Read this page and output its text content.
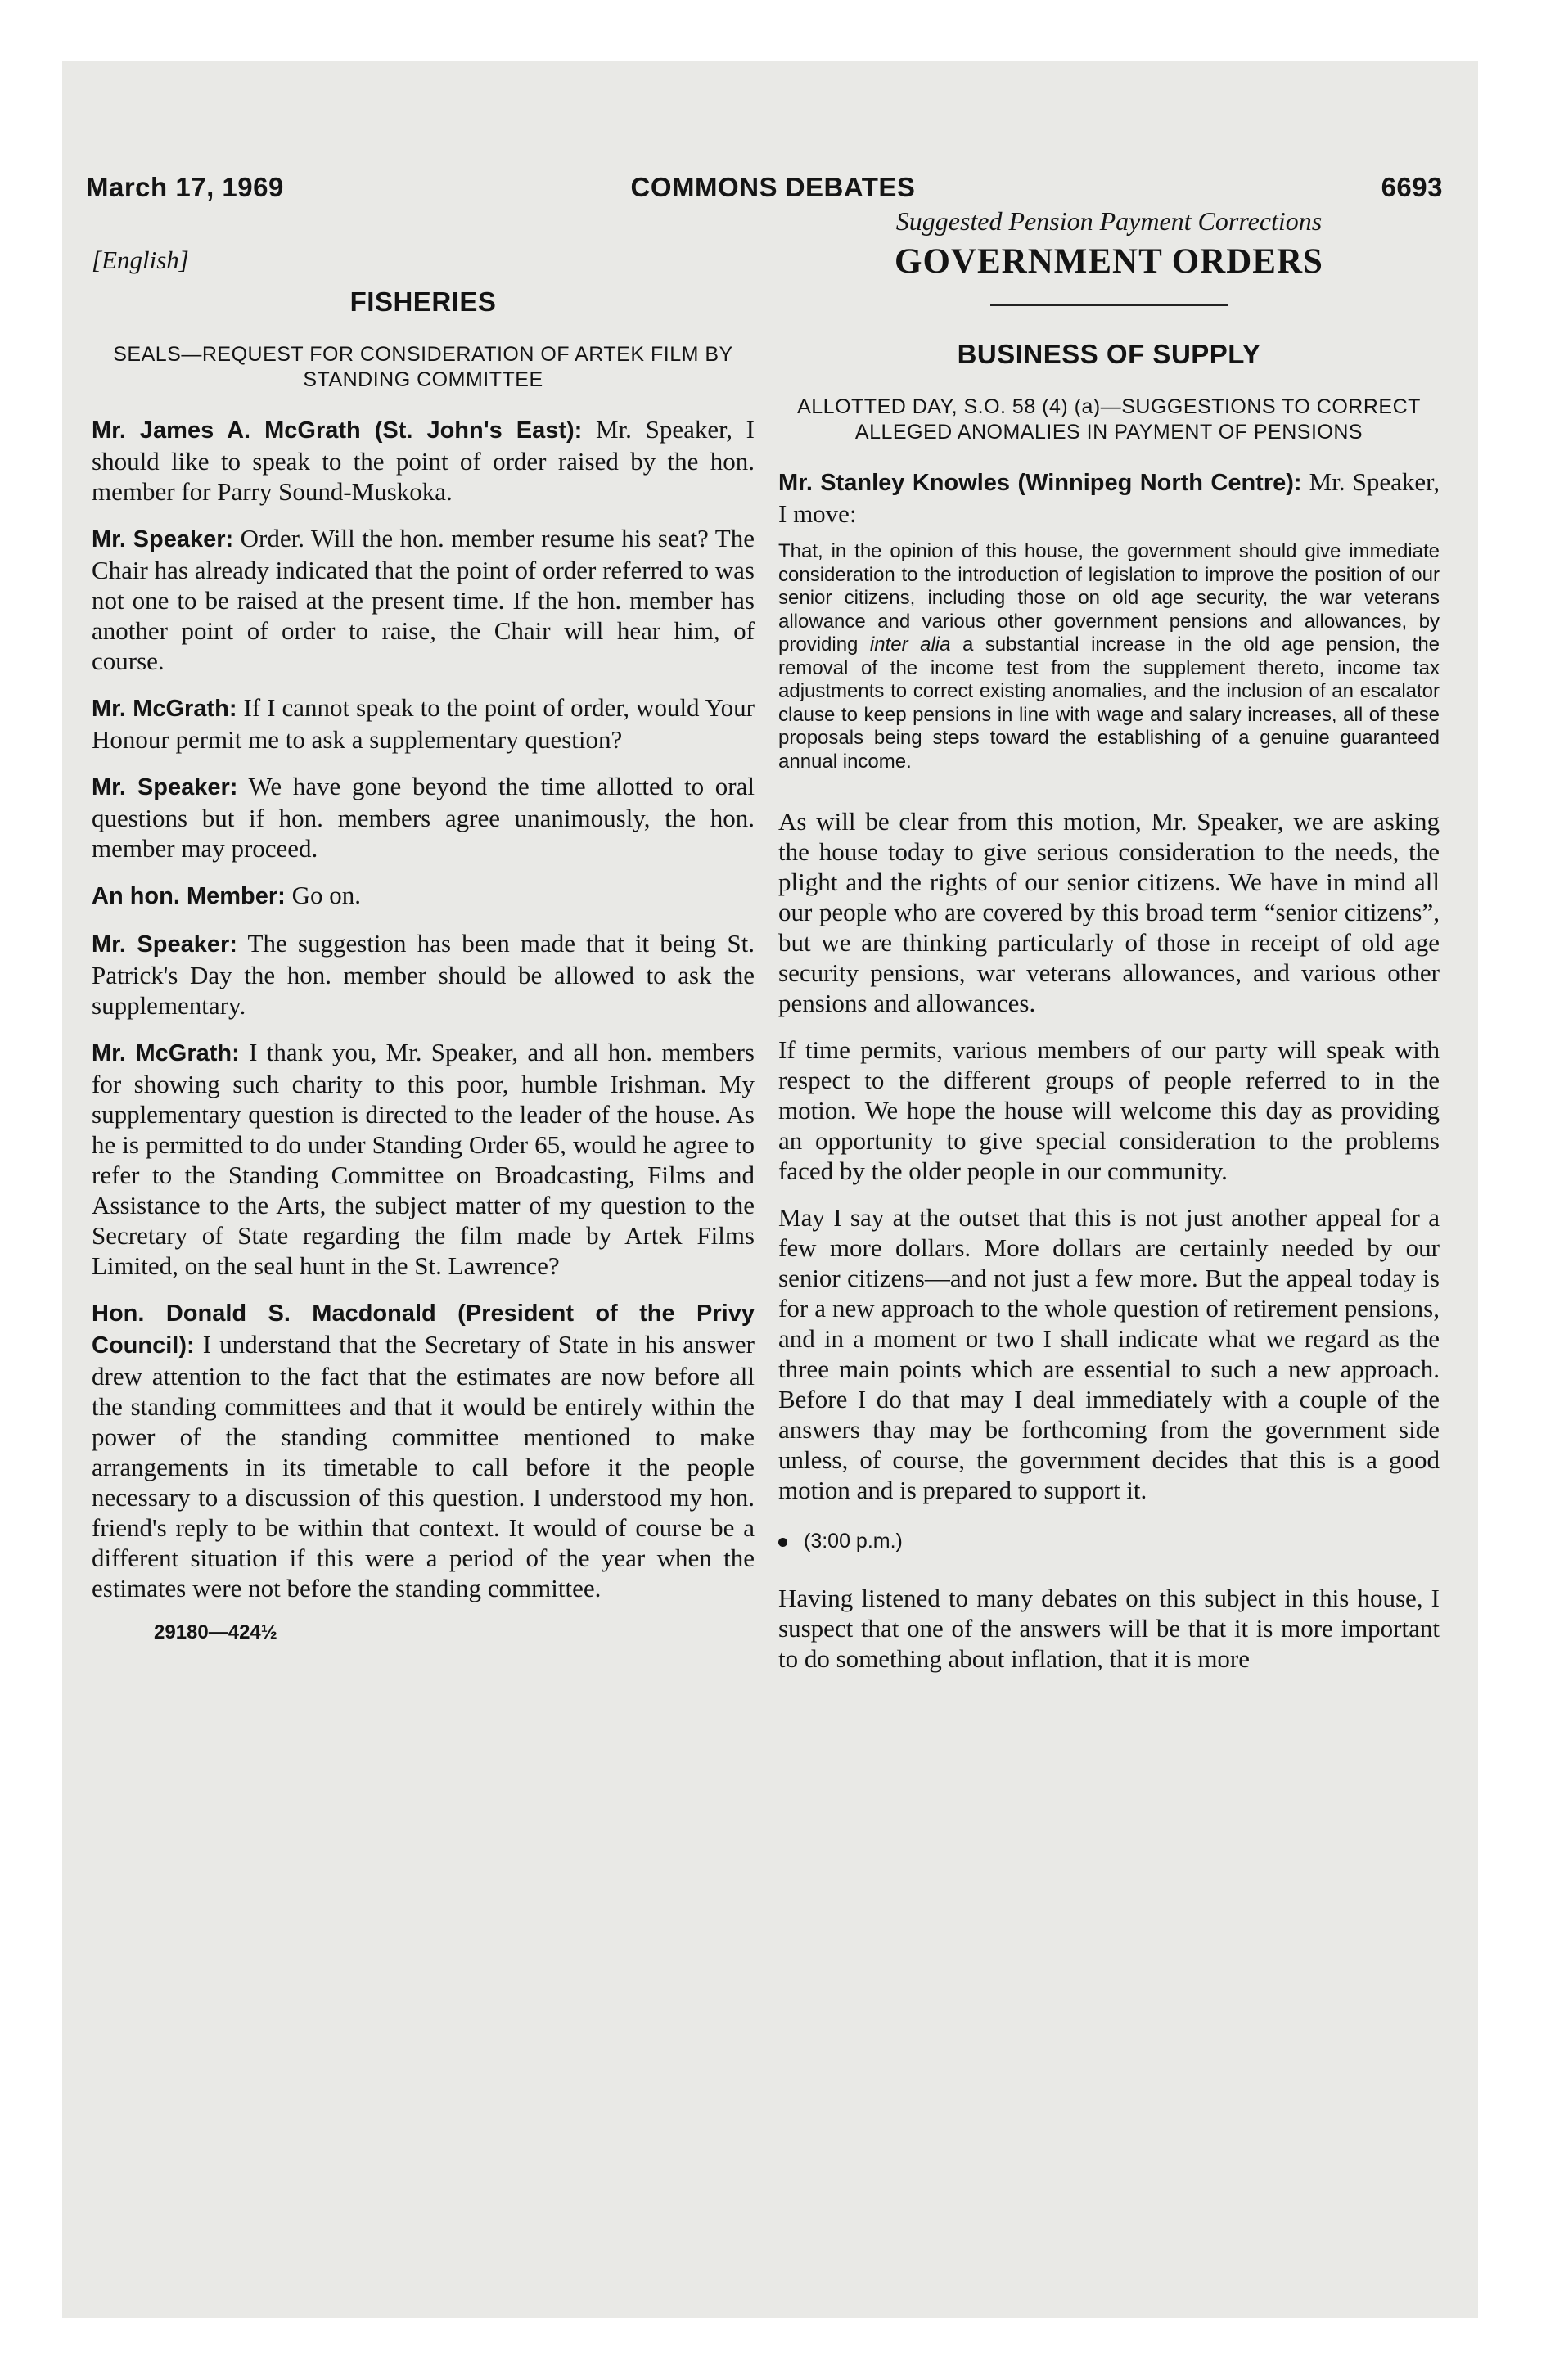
March 17, 1969	COMMONS DEBATES	6693
[English]
FISHERIES
SEALS—REQUEST FOR CONSIDERATION OF ARTEK FILM BY STANDING COMMITTEE

Mr. James A. McGrath (St. John's East): Mr. Speaker, I should like to speak to the point of order raised by the hon. member for Parry Sound-Muskoka.

Mr. Speaker: Order. Will the hon. member resume his seat? The Chair has already indicated that the point of order referred to was not one to be raised at the present time. If the hon. member has another point of order to raise, the Chair will hear him, of course.

Mr. McGrath: If I cannot speak to the point of order, would Your Honour permit me to ask a supplementary question?

Mr. Speaker: We have gone beyond the time allotted to oral questions but if hon. members agree unanimously, the hon. member may proceed.

An hon. Member: Go on.

Mr. Speaker: The suggestion has been made that it being St. Patrick's Day the hon. member should be allowed to ask the supplementary.

Mr. McGrath: I thank you, Mr. Speaker, and all hon. members for showing such charity to this poor, humble Irishman. My supplementary question is directed to the leader of the house. As he is permitted to do under Standing Order 65, would he agree to refer to the Standing Committee on Broadcasting, Films and Assistance to the Arts, the subject matter of my question to the Secretary of State regarding the film made by Artek Films Limited, on the seal hunt in the St. Lawrence?

Hon. Donald S. Macdonald (President of the Privy Council): I understand that the Secretary of State in his answer drew attention to the fact that the estimates are now before all the standing committees and that it would be entirely within the power of the standing committee mentioned to make arrangements in its timetable to call before it the people necessary to a discussion of this question. I understood my hon. friend's reply to be within that context. It would of course be a different situation if this were a period of the year when the estimates were not before the standing committee.

29180—424½
Suggested Pension Payment Corrections
GOVERNMENT ORDERS
BUSINESS OF SUPPLY
ALLOTTED DAY, S.O. 58 (4) (a)—SUGGESTIONS TO CORRECT ALLEGED ANOMALIES IN PAYMENT OF PENSIONS

Mr. Stanley Knowles (Winnipeg North Centre): Mr. Speaker, I move:

That, in the opinion of this house, the government should give immediate consideration to the introduction of legislation to improve the position of our senior citizens, including those on old age security, the war veterans allowance and various other government pensions and allowances, by providing inter alia a substantial increase in the old age pension, the removal of the income test from the supplement thereto, income tax adjustments to correct existing anomalies, and the inclusion of an escalator clause to keep pensions in line with wage and salary increases, all of these proposals being steps toward the establishing of a genuine guaranteed annual income.

As will be clear from this motion, Mr. Speaker, we are asking the house today to give serious consideration to the needs, the plight and the rights of our senior citizens. We have in mind all our people who are covered by this broad term “senior citizens”, but we are thinking particularly of those in receipt of old age security pensions, war veterans allowances, and various other pensions and allowances.

If time permits, various members of our party will speak with respect to the different groups of people referred to in the motion. We hope the house will welcome this day as providing an opportunity to give special consideration to the problems faced by the older people in our community.

May I say at the outset that this is not just another appeal for a few more dollars. More dollars are certainly needed by our senior citizens—and not just a few more. But the appeal today is for a new approach to the whole question of retirement pensions, and in a moment or two I shall indicate what we regard as the three main points which are essential to such a new approach. Before I do that may I deal immediately with a couple of the answers thay may be forthcoming from the government side unless, of course, the government decides that this is a good motion and is prepared to support it.

(3:00 p.m.)

Having listened to many debates on this subject in this house, I suspect that one of the answers will be that it is more important to do something about inflation, that it is more
